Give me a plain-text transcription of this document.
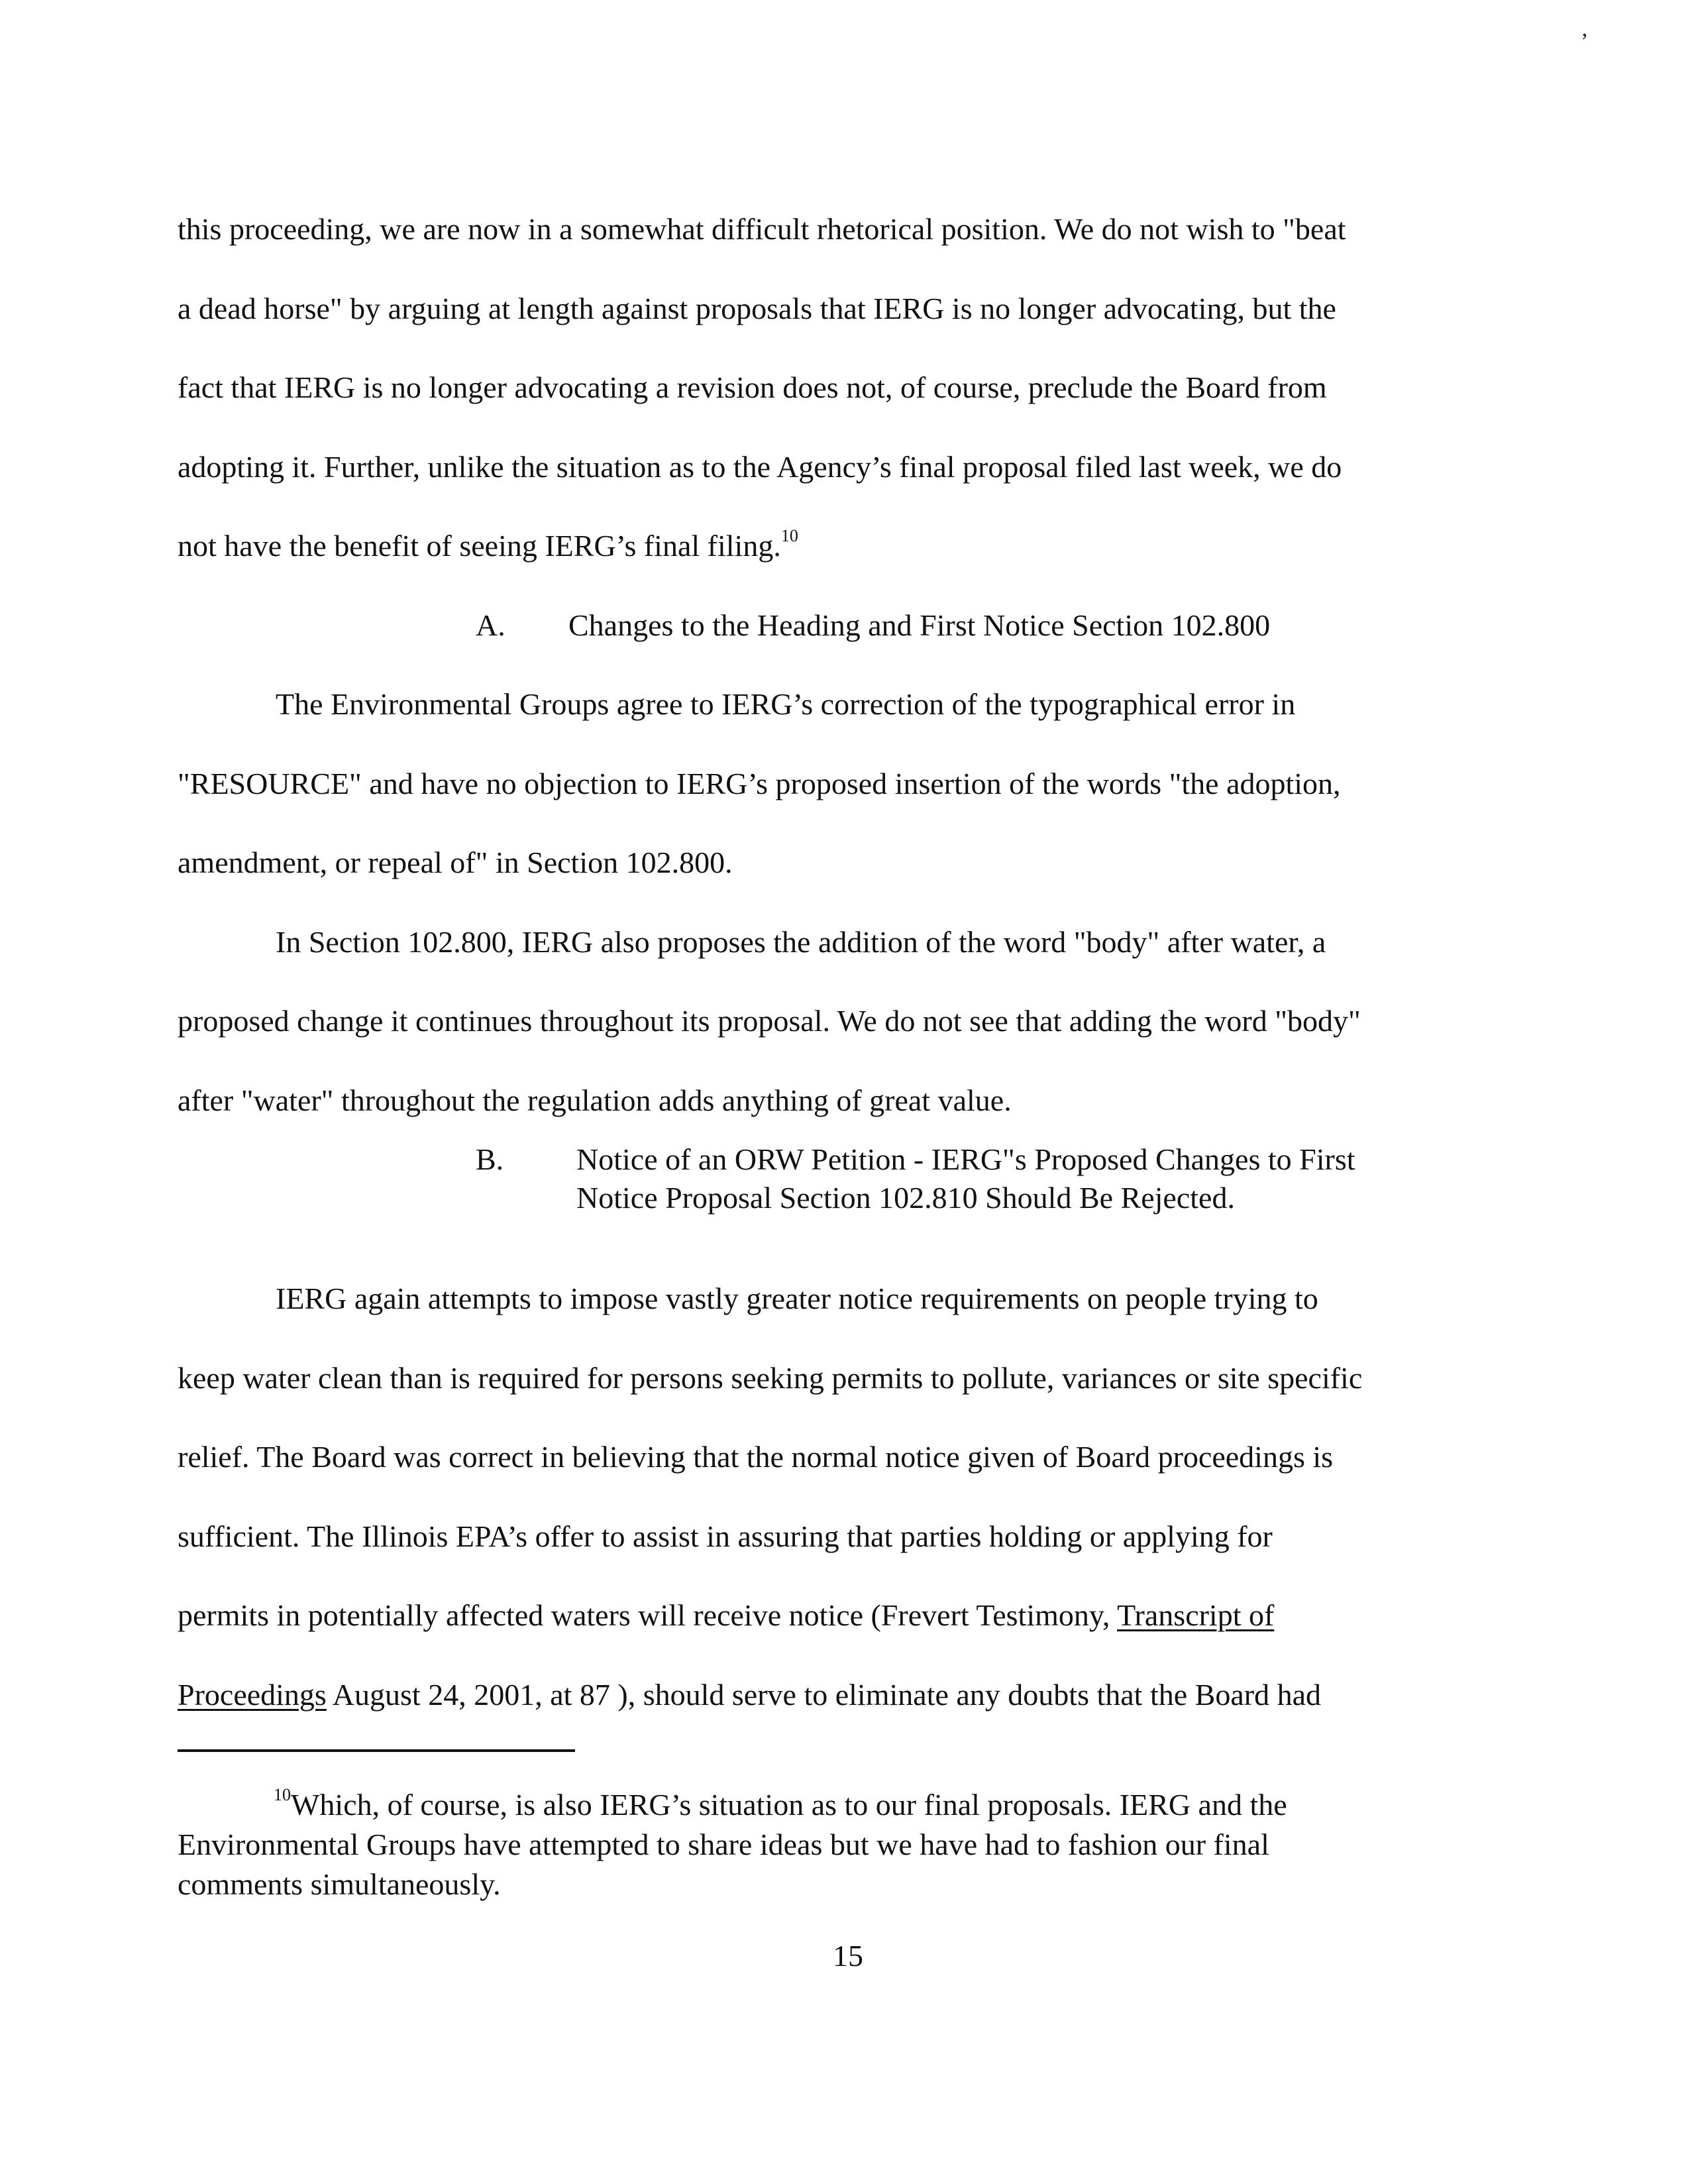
’
this proceeding, we are now in a somewhat difficult rhetorical position. We do not wish to "beat
a dead horse" by arguing at length against proposals that IERG is no longer advocating, but the
fact that IERG is no longer advocating a revision does not, of course, preclude the Board from
adopting it. Further, unlike the situation as to the Agency’s final proposal filed last week, we do
not have the benefit of seeing IERG’s final filing.$^{10}$
A. Changes to the Heading and First Notice Section 102.800
The Environmental Groups agree to IERG’s correction of the typographical error in
"RESOURCE" and have no objection to IERG’s proposed insertion of the words "the adoption,
amendment, or repeal of" in Section 102.800.
In Section 102.800, IERG also proposes the addition of the word "body" after water, a
proposed change it continues throughout its proposal. We do not see that adding the word "body"
after "water" throughout the regulation adds anything of great value.
B. Notice of an ORW Petition - IERG"s Proposed Changes to First
Notice Proposal Section 102.810 Should Be Rejected.
IERG again attempts to impose vastly greater notice requirements on people trying to
keep water clean than is required for persons seeking permits to pollute, variances or site specific
relief. The Board was correct in believing that the normal notice given of Board proceedings is
sufficient. The Illinois EPA’s offer to assist in assuring that parties holding or applying for
permits in potentially affected waters will receive notice (Frevert Testimony, Transcript of
Proceedings August 24, 2001, at 87 ), should serve to eliminate any doubts that the Board had
$^{10}$Which, of course, is also IERG’s situation as to our final proposals. IERG and the
Environmental Groups have attempted to share ideas but we have had to fashion our final
comments simultaneously.
15
